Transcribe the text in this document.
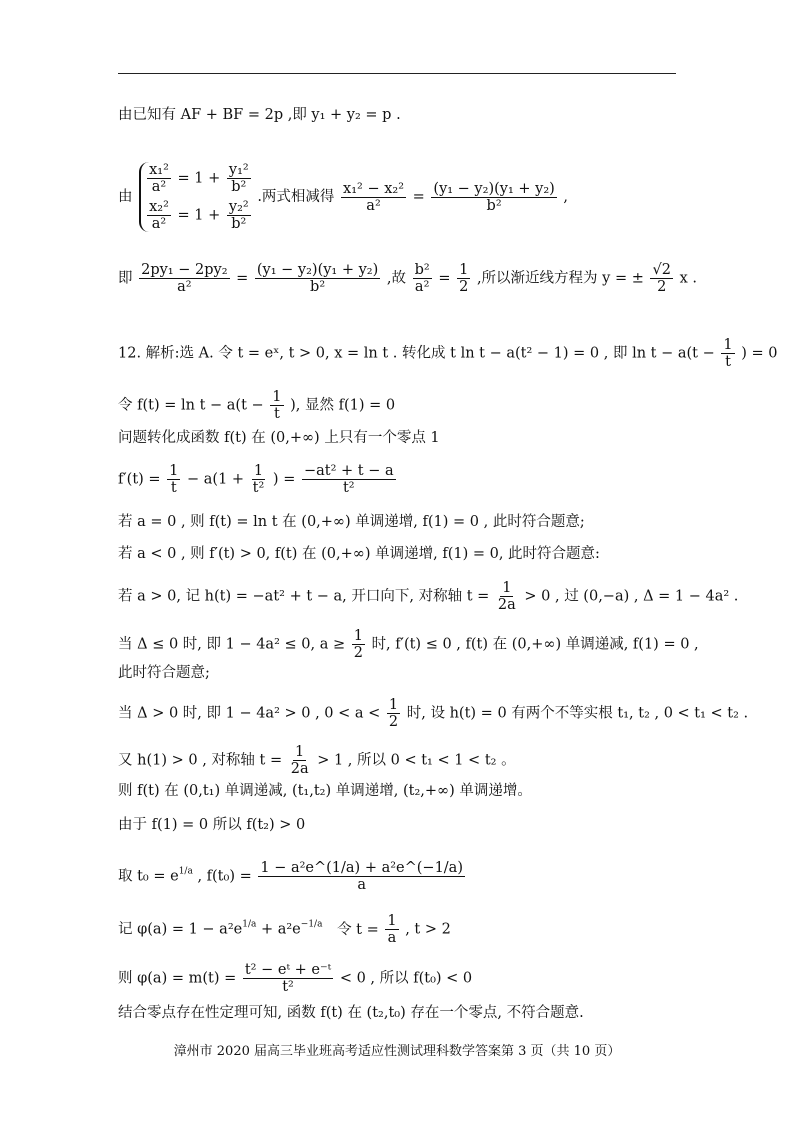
由已知有 AF + BF = 2p ,即 y₁ + y₂ = p .
由
$\frac{\text{x₁²}}{\text{a²}} = 1 + \frac{\text{y₁²}}{\text{b²}}$
$\frac{\text{x₂²}}{\text{a²}} = 1 + \frac{\text{y₂²}}{\text{b²}}$
.两式相减得 $\frac{\text{x₁² − x₂²}}{\text{a²}} = \frac{\text{(y₁ − y₂)(y₁ + y₂)}}{\text{b²}}$ ,
即 $\frac{\text{2py₁ − 2py₂}}{\text{a²}} = \frac{\text{(y₁ − y₂)(y₁ + y₂)}}{\text{b²}}$ ,故 $\frac{\text{b²}}{\text{a²}} = \frac{1}{2}$ ,所以渐近线方程为 y = ± $\frac{√2}{2}$ x .
12. 解析:选 A. 令 t = eˣ, t > 0, x = ln t . 转化成 t ln t − a(t² − 1) = 0 , 即 $\ln t - a(t - \frac{1}{t}$ ) = 0
令 $f(t) = \ln t - a(t - \frac{1}{t}$ ), 显然 f(1) = 0
问题转化成函数 f(t) 在 (0,+∞) 上只有一个零点 1
$f'(t) = \frac{1}{t} - a(1 + \frac{1}{\text{t²}}$ ) = $\frac{\text{−at² + t − a}}{\text{t²}}$
若 a = 0 , 则 f(t) = ln t 在 (0,+∞) 单调递增, f(1) = 0 , 此时符合题意;
若 a < 0 , 则 f′(t) > 0, f(t) 在 (0,+∞) 单调递增, f(1) = 0, 此时符合题意:
若 a > 0, 记 h(t) = −at² + t − a, 开口向下, 对称轴 $t = \frac{1}{2a} > 0$ , 过 (0,−a) , Δ = 1 − 4a² .
当 Δ ≤ 0 时, 即 1 − 4a² ≤ 0, $a \ge \frac{1}{2}$ 时, f′(t) ≤ 0 , f(t) 在 (0,+∞) 单调递减, f(1) = 0 ,
此时符合题意;
当 Δ > 0 时, 即 1 − 4a² > 0 , $0 < a < \frac{1}{2}$ 时, 设 h(t) = 0 有两个不等实根 t₁, t₂ , 0 < t₁ < t₂ .
又 h(1) > 0 , 对称轴 $t = \frac{1}{2a} > 1$ , 所以 0 < t₁ < 1 < t₂ 。
则 f(t) 在 (0,t₁) 单调递减, (t₁,t₂) 单调递增, (t₂,+∞) 单调递增。
由于 f(1) = 0 所以 f(t₂) > 0
取 $t_0 = e^{1/a}$ , $f(t_0) = \frac{\text{1 − a²e\textasciicircum{}(1/a) + a²e\textasciicircum{}(−1/a)}}{a}$
记 $\varphi(a) = 1 - a^2e^{1/a} + a^2e^{-1/a}$ 令 $t = \frac{1}{a}$ , t > 2
则 $\varphi(a) = m(t) = \frac{\text{t² − eᵗ + e⁻ᵗ}}{\text{t²}} < 0$ , 所以 f(t₀) < 0
结合零点存在性定理可知, 函数 f(t) 在 (t₂,t₀) 存在一个零点, 不符合题意.
漳州市 2020 届高三毕业班高考适应性测试理科数学答案第 3 页（共 10 页）
